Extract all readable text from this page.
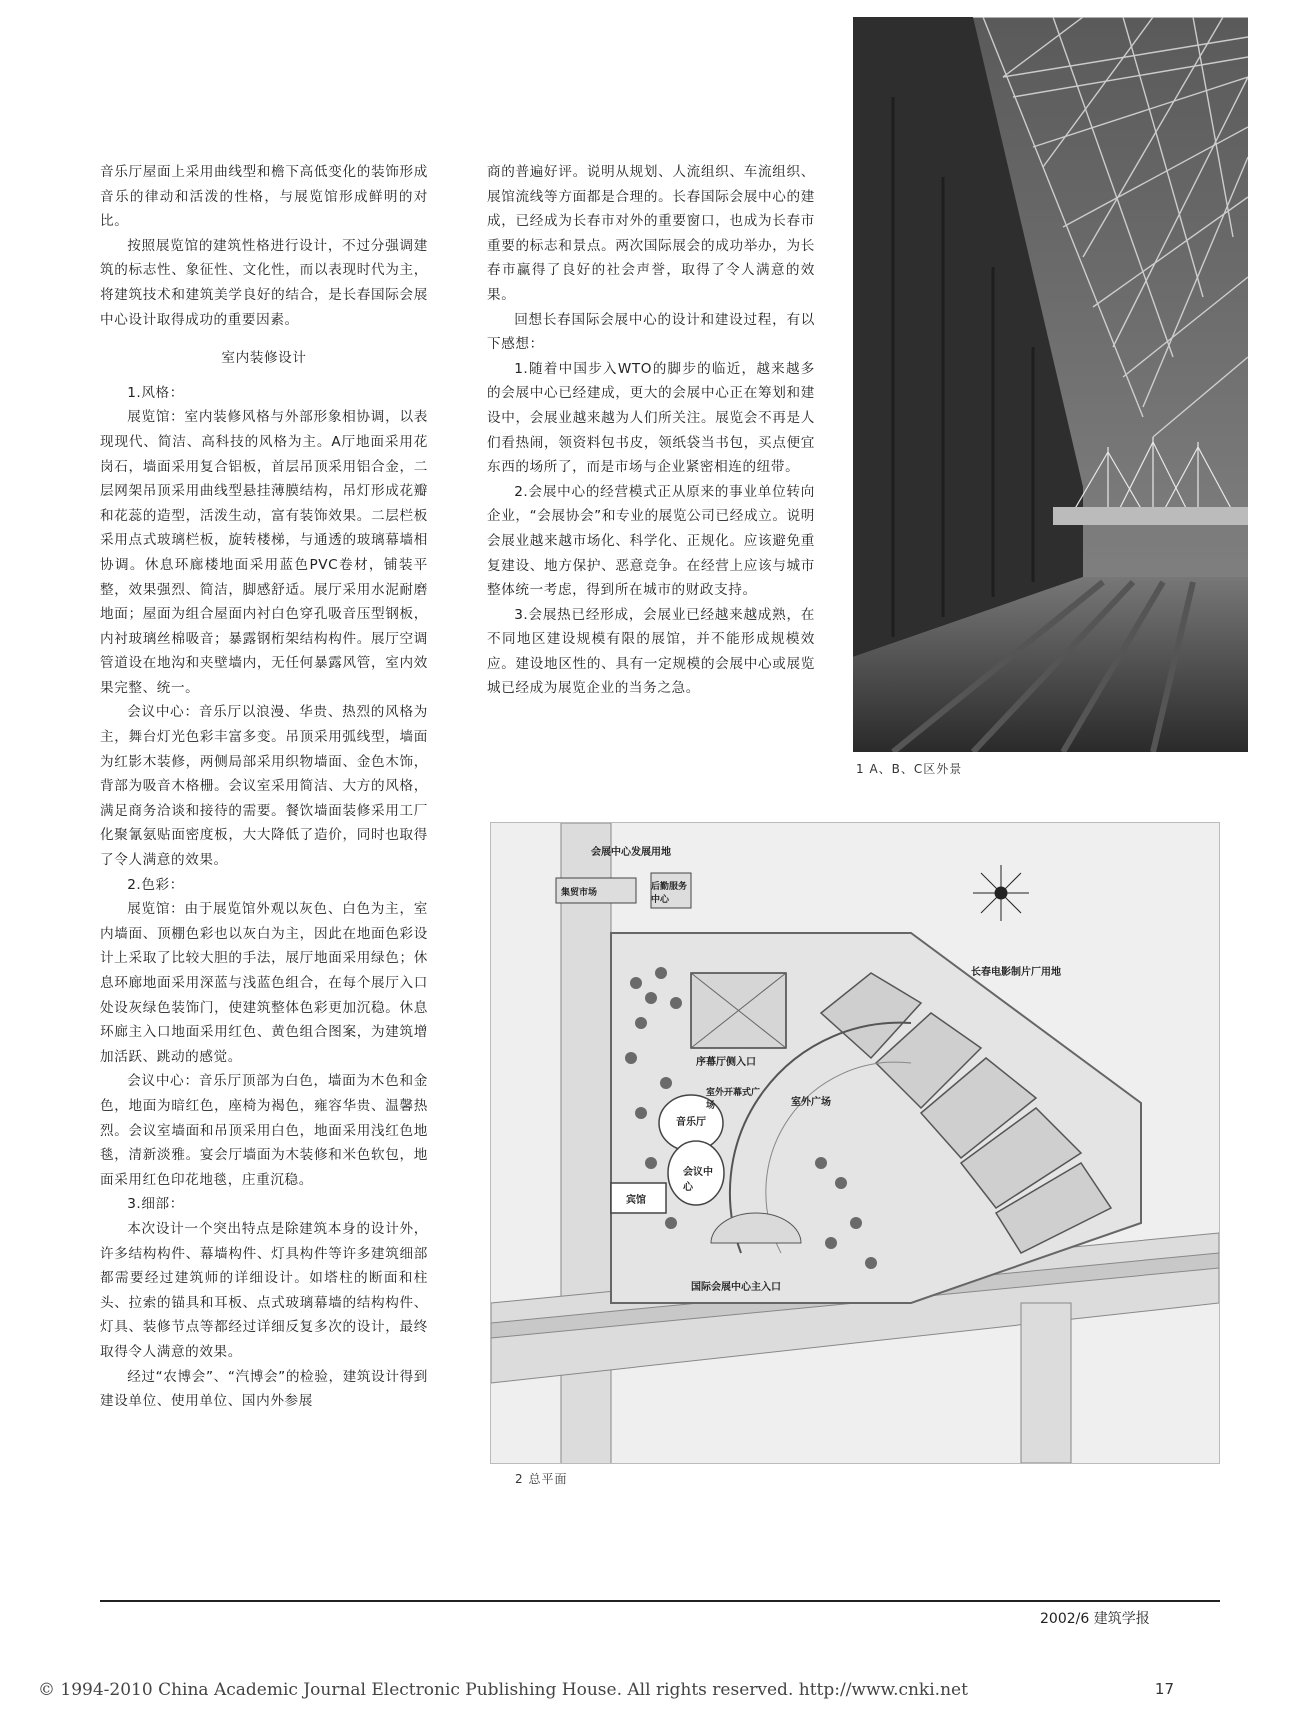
音乐厅屋面上采用曲线型和檐下高低变化的装饰形成音乐的律动和活泼的性格，与展览馆形成鲜明的对比。

按照展览馆的建筑性格进行设计，不过分强调建筑的标志性、象征性、文化性，而以表现时代为主，将建筑技术和建筑美学良好的结合，是长春国际会展中心设计取得成功的重要因素。

室内装修设计

1.风格：

展览馆：室内装修风格与外部形象相协调，以表现现代、简洁、高科技的风格为主。A厅地面采用花岗石，墙面采用复合铝板，首层吊顶采用铝合金，二层网架吊顶采用曲线型悬挂薄膜结构，吊灯形成花瓣和花蕊的造型，活泼生动，富有装饰效果。二层栏板采用点式玻璃栏板，旋转楼梯，与通透的玻璃幕墙相协调。休息环廊楼地面采用蓝色PVC卷材，铺装平整，效果强烈、简洁，脚感舒适。展厅采用水泥耐磨地面；屋面为组合屋面内衬白色穿孔吸音压型钢板，内衬玻璃丝棉吸音；暴露钢桁架结构构件。展厅空调管道设在地沟和夹壁墙内，无任何暴露风管，室内效果完整、统一。

会议中心：音乐厅以浪漫、华贵、热烈的风格为主，舞台灯光色彩丰富多变。吊顶采用弧线型，墙面为红影木装修，两侧局部采用织物墙面、金色木饰，背部为吸音木格栅。会议室采用简洁、大方的风格，满足商务洽谈和接待的需要。餐饮墙面装修采用工厂化聚氰氨贴面密度板，大大降低了造价，同时也取得了令人满意的效果。

2.色彩：

展览馆：由于展览馆外观以灰色、白色为主，室内墙面、顶棚色彩也以灰白为主，因此在地面色彩设计上采取了比较大胆的手法，展厅地面采用绿色；休息环廊地面采用深蓝与浅蓝色组合，在每个展厅入口处设灰绿色装饰门，使建筑整体色彩更加沉稳。休息环廊主入口地面采用红色、黄色组合图案，为建筑增加活跃、跳动的感觉。

会议中心：音乐厅顶部为白色，墙面为木色和金色，地面为暗红色，座椅为褐色，雍容华贵、温馨热烈。会议室墙面和吊顶采用白色，地面采用浅红色地毯，清新淡雅。宴会厅墙面为木装修和米色软包，地面采用红色印花地毯，庄重沉稳。

3.细部：

本次设计一个突出特点是除建筑本身的设计外，许多结构构件、幕墙构件、灯具构件等许多建筑细部都需要经过建筑师的详细设计。如塔柱的断面和柱头、拉索的锚具和耳板、点式玻璃幕墙的结构构件、灯具、装修节点等都经过详细反复多次的设计，最终取得令人满意的效果。

经过“农博会”、“汽博会”的检验，建筑设计得到建设单位、使用单位、国内外参展

商的普遍好评。说明从规划、人流组织、车流组织、展馆流线等方面都是合理的。长春国际会展中心的建成，已经成为长春市对外的重要窗口，也成为长春市重要的标志和景点。两次国际展会的成功举办，为长春市赢得了良好的社会声誉，取得了令人满意的效果。

回想长春国际会展中心的设计和建设过程，有以下感想：

1.随着中国步入WTO的脚步的临近，越来越多的会展中心已经建成，更大的会展中心正在筹划和建设中，会展业越来越为人们所关注。展览会不再是人们看热闹，领资料包书皮，领纸袋当书包，买点便宜东西的场所了，而是市场与企业紧密相连的纽带。

2.会展中心的经营模式正从原来的事业单位转向企业，“会展协会”和专业的展览公司已经成立。说明会展业越来越市场化、科学化、正规化。应该避免重复建设、地方保护、恶意竞争。在经营上应该与城市整体统一考虑，得到所在城市的财政支持。

3.会展热已经形成，会展业已经越来越成熟，在不同地区建设规模有限的展馆，并不能形成规模效应。建设地区性的、具有一定规模的会展中心或展览城已经成为展览企业的当务之急。

1 A、B、C区外景
会展中心发展用地
后勤服务中心
集贸市场
长春电影制片厂用地
序幕厅侧入口
室外开幕式广场	室外广场
音乐厅
会议中心
宾馆
国际会展中心主入口
2 总平面
2002/6 建筑学报
© 1994-2010 China Academic Journal Electronic Publishing House. All rights reserved. http://www.cnki.net	17
